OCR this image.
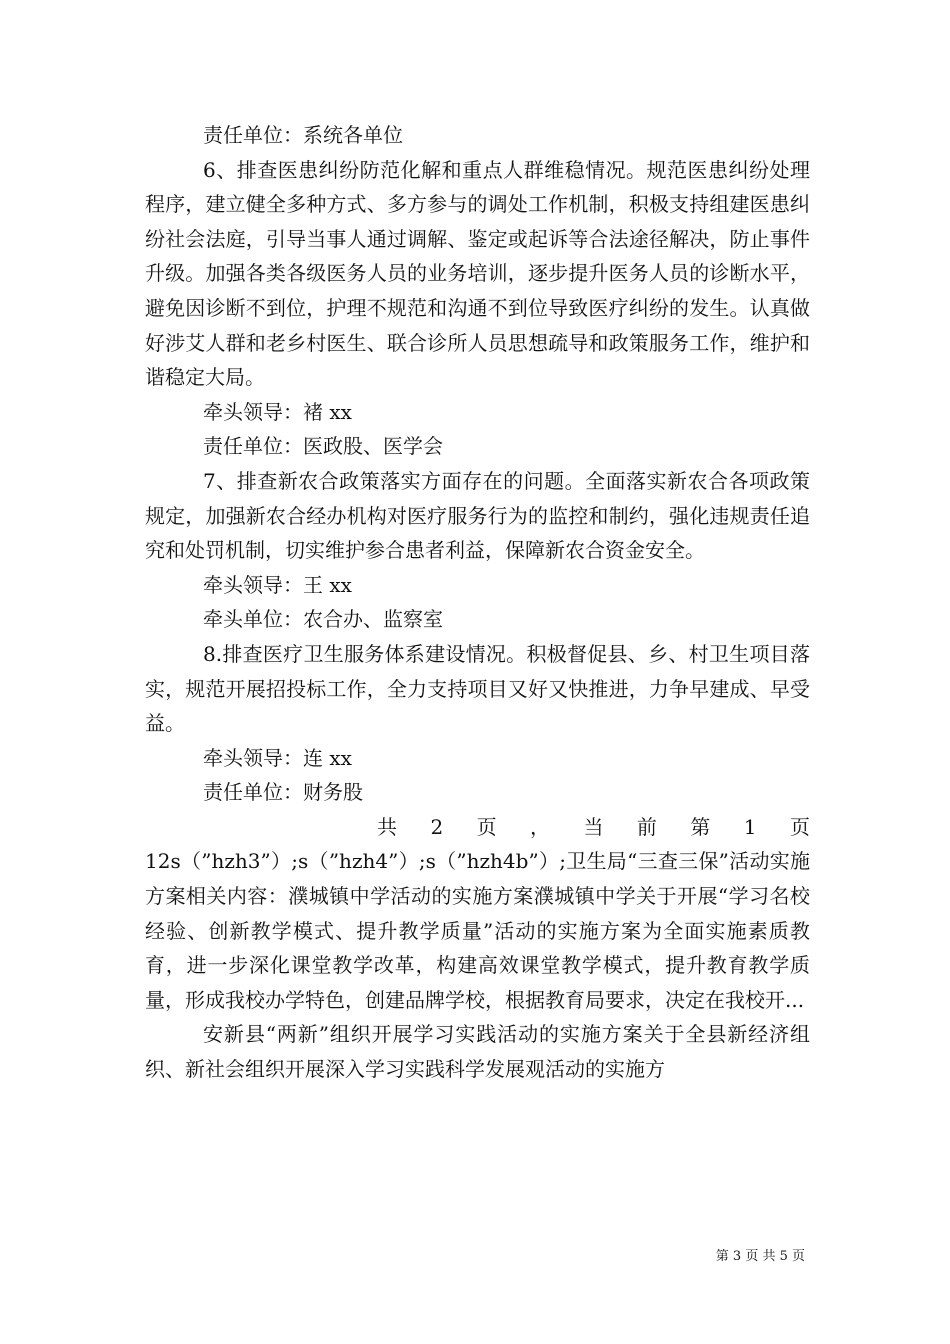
责任单位：系统各单位

6、排查医患纠纷防范化解和重点人群维稳情况。规范医患纠纷处理程序，建立健全多种方式、多方参与的调处工作机制，积极支持组建医患纠纷社会法庭，引导当事人通过调解、鉴定或起诉等合法途径解决，防止事件升级。加强各类各级医务人员的业务培训，逐步提升医务人员的诊断水平，避免因诊断不到位，护理不规范和沟通不到位导致医疗纠纷的发生。认真做好涉艾人群和老乡村医生、联合诊所人员思想疏导和政策服务工作，维护和谐稳定大局。

牵头领导：褚 xx

责任单位：医政股、医学会

7、排查新农合政策落实方面存在的问题。全面落实新农合各项政策规定，加强新农合经办机构对医疗服务行为的监控和制约，强化违规责任追究和处罚机制，切实维护参合患者利益，保障新农合资金安全。

牵头领导：王 xx

牵头单位：农合办、监察室

8.排查医疗卫生服务体系建设情况。积极督促县、乡、村卫生项目落实，规范开展招投标工作，全力支持项目又好又快推进，力争早建成、早受益。

牵头领导：连 xx

责任单位：财务股

共 2 页 ， 当 前 第 1 页

12s（”hzh3”）;s（”hzh4”）;s（”hzh4b”）;卫生局“三查三保”活动实施方案相关内容：濮城镇中学活动的实施方案濮城镇中学关于开展“学习名校经验、创新教学模式、提升教学质量”活动的实施方案为全面实施素质教育，进一步深化课堂教学改革，构建高效课堂教学模式，提升教育教学质量，形成我校办学特色，创建品牌学校，根据教育局要求，决定在我校开...

安新县“两新”组织开展学习实践活动的实施方案关于全县新经济组织、新社会组织开展深入学习实践科学发展观活动的实施方

第 3 页 共 5 页
